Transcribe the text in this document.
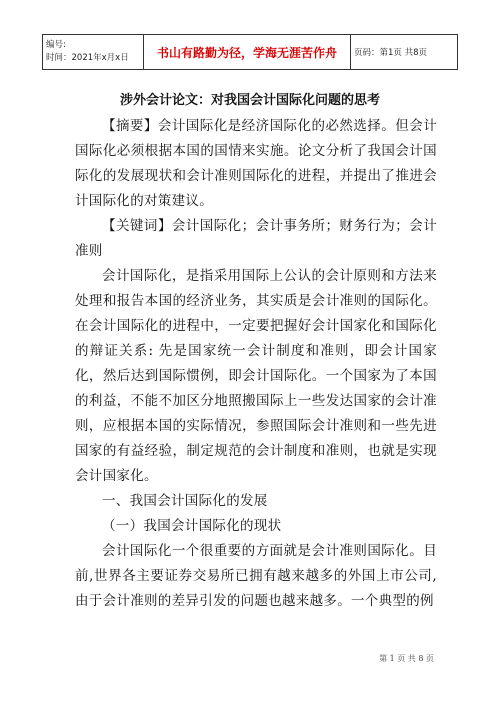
编号:
时间：2021年x月x日	书山有路勤为径，学海无涯苦作舟	页码：第1页 共8页
涉外会计论文：对我国会计国际化问题的思考

【摘要】会计国际化是经济国际化的必然选择。但会计国际化必须根据本国的国情来实施。论文分析了我国会计国际化的发展现状和会计准则国际化的进程，并提出了推进会计国际化的对策建议。

【关键词】会计国际化；会计事务所；财务行为；会计准则

会计国际化，是指采用国际上公认的会计原则和方法来处理和报告本国的经济业务，其实质是会计准则的国际化。在会计国际化的进程中，一定要把握好会计国家化和国际化的辩证关系: 先是国家统一会计制度和准则，即会计国家化，然后达到国际惯例，即会计国际化。一个国家为了本国的利益，不能不加区分地照搬国际上一些发达国家的会计准则，应根据本国的实际情况，参照国际会计准则和一些先进国家的有益经验，制定规范的会计制度和准则，也就是实现会计国家化。

一、我国会计国际化的发展

（一）我国会计国际化的现状

会计国际化一个很重要的方面就是会计准则国际化。目前,世界各主要证券交易所已拥有越来越多的外国上市公司,由于会计准则的差异引发的问题也越来越多。一个典型的例

第 1 页 共 8 页
